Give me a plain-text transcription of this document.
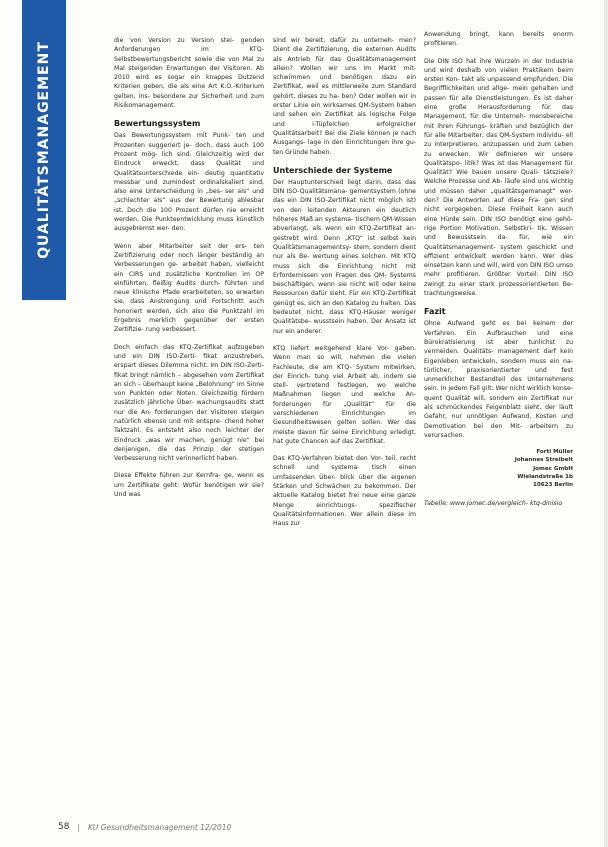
QUALITÄTSMANAGEMENT

die von Version zu Version stei- genden Anforderungen im KTQ- Selbstbewertungsbericht sowie die von Mal zu Mal steigenden Erwartungen der Visitoren. Ab 2010 wird es sogar ein knappes Dutzend Kriterien geben, die als eine Art K.O.-Kriterium gelten, ins- besondere zur Sicherheit und zum Risikomanagement.

Bewertungssystem

Das Bewertungssystem mit Punk- ten und Prozenten suggeriert je- doch, dass auch 100 Prozent mög- lich sind. Gleichzeitig wird der Eindruck erweckt, dass Qualität und Qualitätsunterschiede ein- deutig quantitativ messbar und zumindest ordinalskaliert sind, also eine Unterscheidung in „bes- ser als“ und „schlechter als“ aus der Bewertung ablesbar ist. Doch die 100 Prozent dürfen nie erreicht werden. Die Punkteentwicklung muss künstlich ausgebremst wer- den.

Wenn aber Mitarbeiter seit der ers- ten Zertifizierung oder noch länger beständig an Verbesserungen ge- arbeitet haben, vielleicht ein CIRS und zusätzliche Kontrollen im OP einführten, fleißig Audits durch- führten und neue klinische Pfade erarbeiteten, so erwarten sie, dass Anstrengung und Fortschritt auch honoriert werden, sich also die Punktzahl im Ergebnis merklich gegenüber der ersten Zertifizie- rung verbessert.

Doch einfach das KTQ-Zertifikat aufzugeben und ein DIN ISO-Zerti- fikat anzustreben, erspart dieses Dilemma nicht. Im DIN ISO-Zerti- fikat bringt nämlich – abgesehen vom Zertifikat an sich – überhaupt keine „Belohnung“ im Sinne von Punkten oder Noten. Gleichzeitig fördern zusätzlich jährliche Über- wachungsaudits statt nur die An- forderungen der Visitoren steigen natürlich ebenso und mit entspre- chend hoher Taktzahl. Es entsteht also noch leichter der Eindruck „was wir machen, genügt nie“ bei denjenigen, die das Prinzip der stetigen Verbesserung nicht verinnerlicht haben.

Diese Effekte führen zur Kernfra- ge, wenn es um Zertifikate geht: Wofür benötigen wir sie? Und was

sind wir bereit, dafür zu unterneh- men? Dient die Zertifizierung, die externen Audits als Antrieb für das Qualitätsmanagement allein? Wollen wir uns im Markt mit- schwimmen und benötigen dazu ein Zertifikat, weil es mittlerweile zum Standard gehört, dieses zu ha- ben? Oder wollen wir in erster Linie ein wirksames QM-System haben und sehen ein Zertifikat als logische Folge und i-Tüpfelchen erfolgreicher Qualitätsarbeit? Bei die Ziele können je nach Ausgangs- lage in den Einrichtungen ihre gu- ten Gründe haben.

Unterschiede der Systeme

Der Hauptunterschied liegt darin, dass das DIN ISO-Qualitätsmana- gementsystem (ohne das ein DIN ISO-Zertifikat nicht möglich ist) von den leitenden Akteuren ein deutlich höheres Maß an systema- tischem QM-Wissen abverlangt, als wenn ein KTQ-Zertifikat an- gestrebt wird. Denn „KTQ“ ist selbst kein Qualitätsmanagementsy- stem, sondern dient nur als Be- wertung eines solchen. Mit KTQ muss sich die Einrichtung nicht mit Erfordernissen von Fragen des QM- Systems beschäftigen, wenn sie nicht will oder keine Ressourcen dafür sieht. Für ein KTQ-Zertifikat genügt es, sich an den Katalog zu halten. Das bedeutet nicht, dass KTQ-Häuser weniger Qualitätsbe- wusstsein haben. Der Ansatz ist nur ein anderer.

KTQ liefert weitgehend klare Vor- gaben. Wenn man so will, nehmen die vielen Fachleute, die am KTQ- System mitwirken, der Einrich- tung viel Arbeit ab, indem sie stell- vertretend festlegen, wo welche Maßnahmen liegen und welche An- forderungen für „Qualität“ für die verschiedenen Einrichtungen im Gesundheitswesen gelten sollen. Wer das meiste davon für seine Einrichtung erledigt, hat gute Chancen auf das Zertifikat.

Das KTQ-Verfahren bietet den Vor- teil, recht schnell und systema- tisch einen umfassenden Über- blick über die eigenen Stärken und Schwächen zu bekommen. Der aktuelle Katalog bietet frei neue eine ganze Menge einrichtungs- spezifischer Qualitätsinformationen. Wer allein diese im Haus zur

Anwendung bringt, kann bereits enorm profitieren.

Die DIN ISO hat ihre Wurzeln in der Industrie und wird deshalb von vielen Praktikern beim ersten Kon- takt als unpassend empfunden. Die Begrifflichkeiten und allge- mein gehalten und passen für alle Dienstleistungen. Es ist daher eine große Herausforderung für das Management, für die Unterneh- mensbereiche mit ihren Führungs- kräften und bezüglich der für alle Mitarbeiter, das QM-System individu- ell zu interpretieren, anzupassen und zum Leben zu erwecken. Wir definieren wir unsere Qualitätspo- litik? Was ist das Management für Qualität? Wie bauen unsere Quali- tätsziele? Welche Prozesse und Ab- läufe sind uns wichtig und müssen daher „qualitätsgemanagt“ wer- den? Die Antworten auf diese Fra- gen sind nicht vorgegeben. Diese Freiheit kann auch eine Hürde sein. DIN ISO benötigt eine gehö- rige Portion Motivation, Selbstkri- tik, Wissen und Bewusstsein da- für, wie ein Qualitätsmanagement- system geschickt und effizient entwickelt werden kann. Wer dies einsetzen kann und will, wird von DIN ISO umso mehr profitieren. Größter Vorteil: DIN ISO zwingt zu einer stark prozessorientierten Be- trachtungsweise.

Fazit

Ohne Aufwand geht es bei keinem der Verfahren. Ein Aufbrauchen und eine Bürokratisierung ist aber tunlichst zu vermeiden. Qualitäts- management darf kein Eigenleben entwickeln, sondern muss ein na- türlicher, praxisorientierter und fest unmerklicher Bestandteil des Unternehmens sein. In jedem Fall gilt: Wer nicht wirklich konse- quent Qualität will, sondern ein Zertifikat nur als schmückendes Feigenblatt sieht, der läuft Gefahr, nur unnötigen Aufwand, Kosten und Demotivation bei den Mit- arbeitern zu verursachen.

Forti Müller
Johannes Streibelt
Jomec GmbH
Wielandstraße 1b
10623 Berlin
Tabelle: www.jomec.de/vergleich- ktq-dinisio
58 | KU Gesundheitsmanagement 12/2010
